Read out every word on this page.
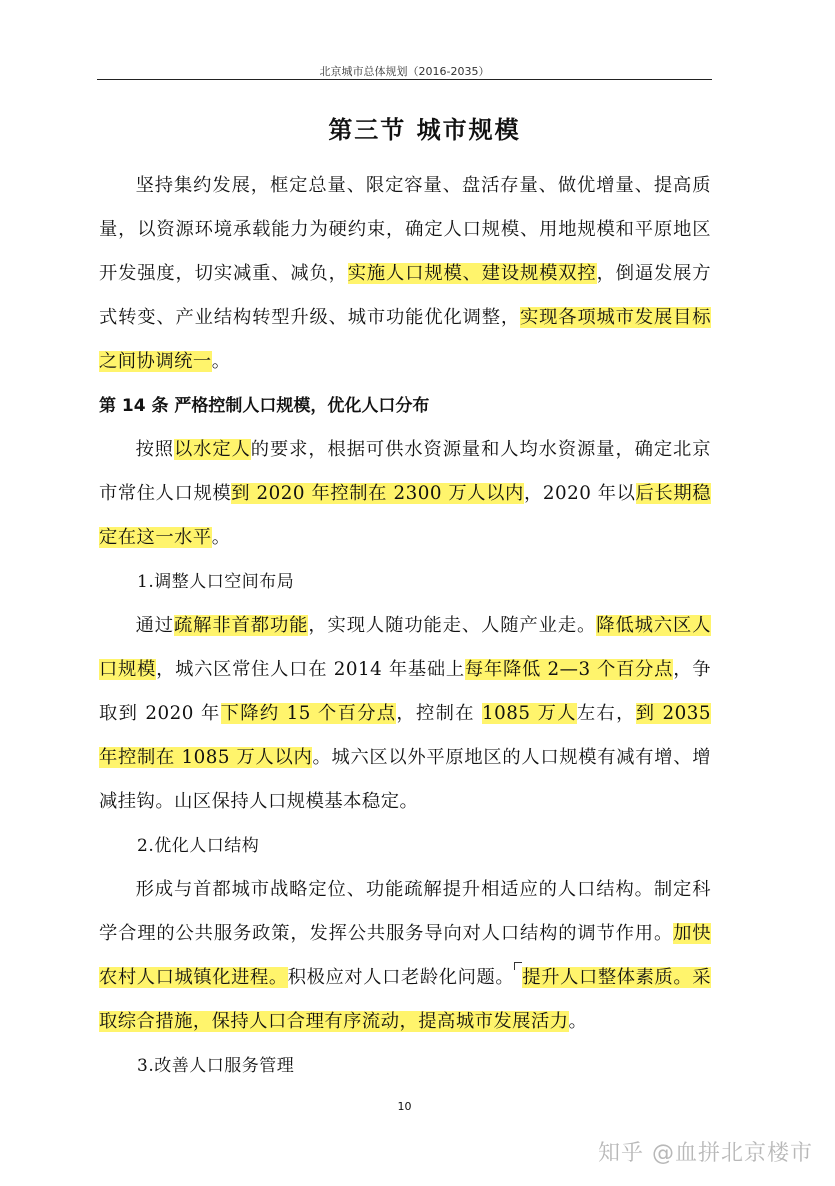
北京城市总体规划（2016-2035）
第三节 城市规模

坚持集约发展，框定总量、限定容量、盘活存量、做优增量、提高质量，以资源环境承载能力为硬约束，确定人口规模、用地规模和平原地区开发强度，切实减重、减负，实施人口规模、建设规模双控，倒逼发展方式转变、产业结构转型升级、城市功能优化调整，实现各项城市发展目标之间协调统一。

第 14 条 严格控制人口规模，优化人口分布

按照以水定人的要求，根据可供水资源量和人均水资源量，确定北京市常住人口规模到 2020 年控制在 2300 万人以内，2020 年以后长期稳定在这一水平。

1.调整人口空间布局

通过疏解非首都功能，实现人随功能走、人随产业走。降低城六区人口规模，城六区常住人口在 2014 年基础上每年降低 2—3 个百分点，争取到 2020 年下降约 15 个百分点，控制在 1085 万人左右，到 2035 年控制在 1085 万人以内。城六区以外平原地区的人口规模有减有增、增减挂钩。山区保持人口规模基本稳定。

2.优化人口结构

形成与首都城市战略定位、功能疏解提升相适应的人口结构。制定科学合理的公共服务政策，发挥公共服务导向对人口结构的调节作用。加快农村人口城镇化进程。积极应对人口老龄化问题。 提升人口整体素质。采取综合措施，保持人口合理有序流动，提高城市发展活力。

3.改善人口服务管理

10
知乎 @血拼北京楼市
